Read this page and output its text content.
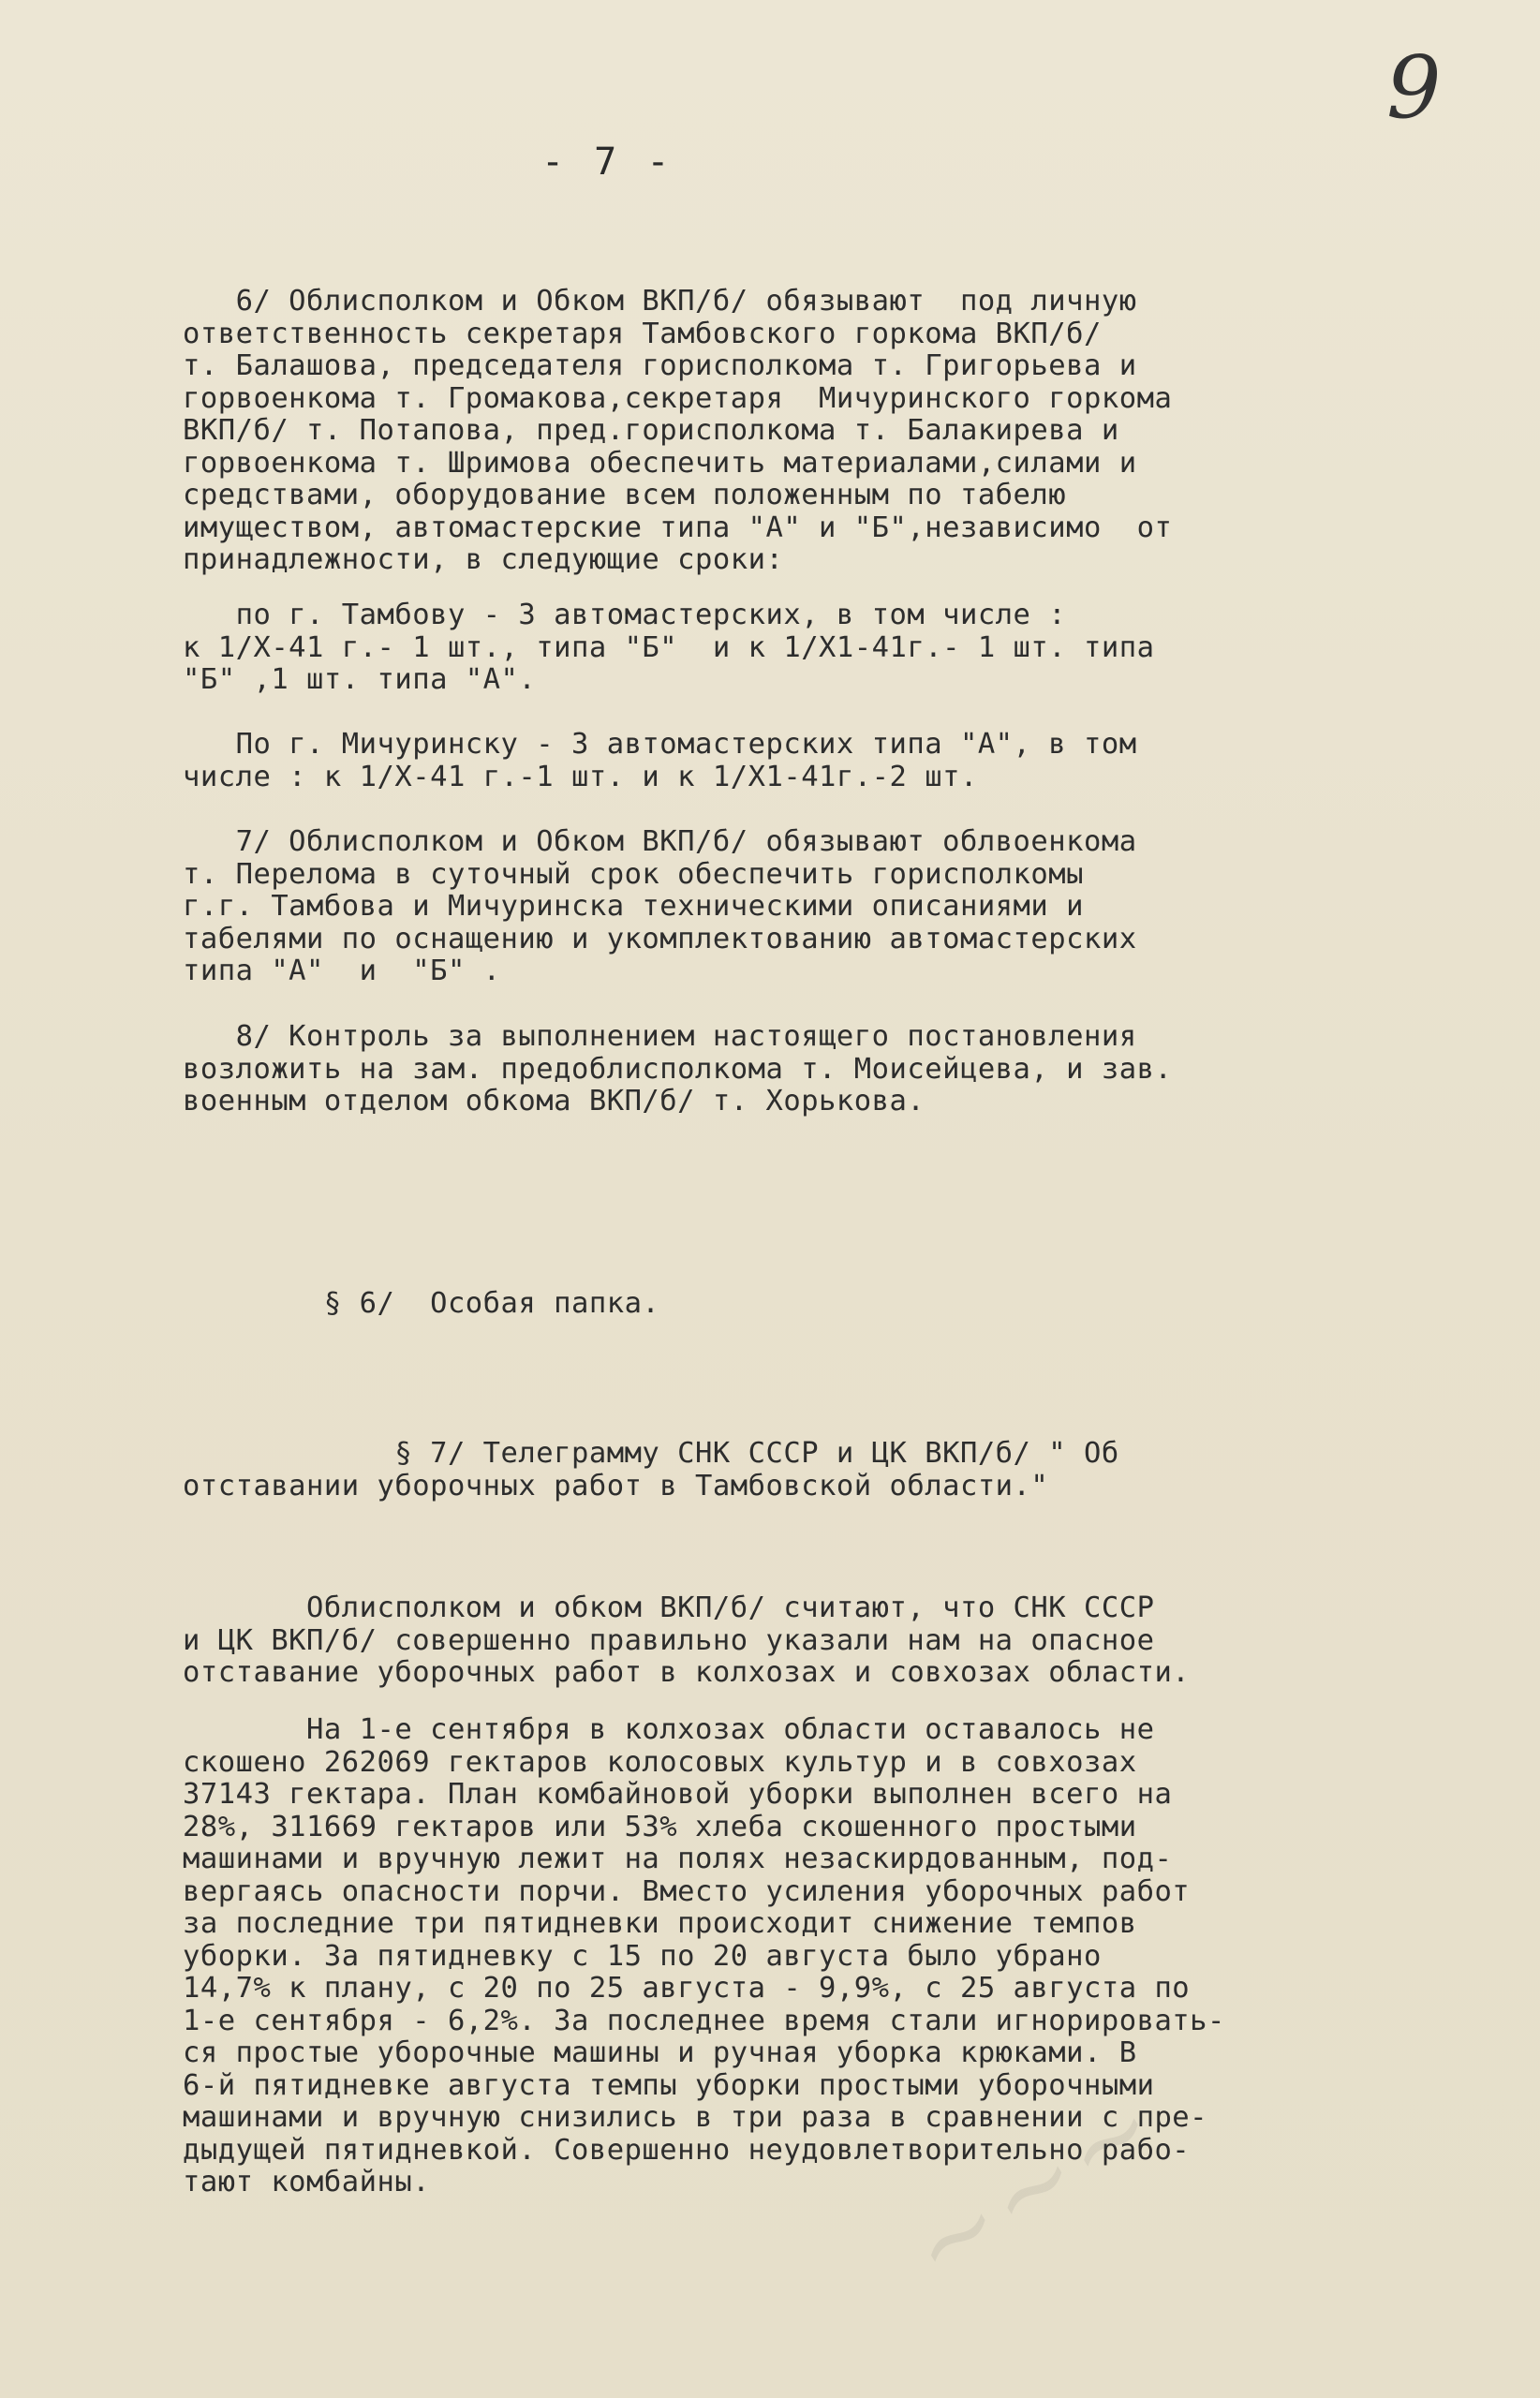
9
- 7 -
6/ Облисполком и Обком ВКП/б/ обязывают  под личную
ответственность секретаря Тамбовского горкома ВКП/б/
т. Балашова, председателя горисполкома т. Григорьева и
горвоенкома т. Громакова,секретаря  Мичуринского горкома
ВКП/б/ т. Потапова, пред.горисполкома т. Балакирева и
горвоенкома т. Шримова обеспечить материалами,силами и
средствами, оборудование всем положенным по табелю
имуществом, автомастерские типа "А" и "Б",независимо  от
принадлежности, в следующие сроки:
по г. Тамбову - 3 автомастерских, в том числе :
к 1/Х-41 г.- 1 шт., типа "Б"  и к 1/Х1-41г.- 1 шт. типа
"Б" ,1 шт. типа "А".
По г. Мичуринску - 3 автомастерских типа "А", в том
числе : к 1/Х-41 г.-1 шт. и к 1/Х1-41г.-2 шт.
7/ Облисполком и Обком ВКП/б/ обязывают облвоенкома
т. Перелома в суточный срок обеспечить горисполкомы
г.г. Тамбова и Мичуринска техническими описаниями и
табелями по оснащению и укомплектованию автомастерских
типа "А"  и  "Б" .
8/ Контроль за выполнением настоящего постановления
возложить на зам. предоблисполкома т. Моисейцева, и зав.
военным отделом обкома ВКП/б/ т. Хорькова.
§ 6/  Особая папка.
§ 7/ Телеграмму СНК СССР и ЦК ВКП/б/ " Об
отставании уборочных работ в Тамбовской области."
Облисполком и обком ВКП/б/ считают, что СНК СССР
и ЦК ВКП/б/ совершенно правильно указали нам на опасное
отставание уборочных работ в колхозах и совхозах области.
На 1-е сентября в колхозах области оставалось не
скошено 262069 гектаров колосовых культур и в совхозах
37143 гектара. План комбайновой уборки выполнен всего на
28%, 311669 гектаров или 53% хлеба скошенного простыми
машинами и вручную лежит на полях незаскирдованным, под-
вергаясь опасности порчи. Вместо усиления уборочных работ
за последние три пятидневки происходит снижение темпов
уборки. За пятидневку с 15 по 20 августа было убрано
14,7% к плану, с 20 по 25 августа - 9,9%, с 25 августа по
1-е сентября - 6,2%. За последнее время стали игнорировать-
ся простые уборочные машины и ручная уборка крюками. В
6-й пятидневке августа темпы уборки простыми уборочными
машинами и вручную снизились в три раза в сравнении с пре-
дыдущей пятидневкой. Совершенно неудовлетворительно рабо-
тают комбайны.	~~~
